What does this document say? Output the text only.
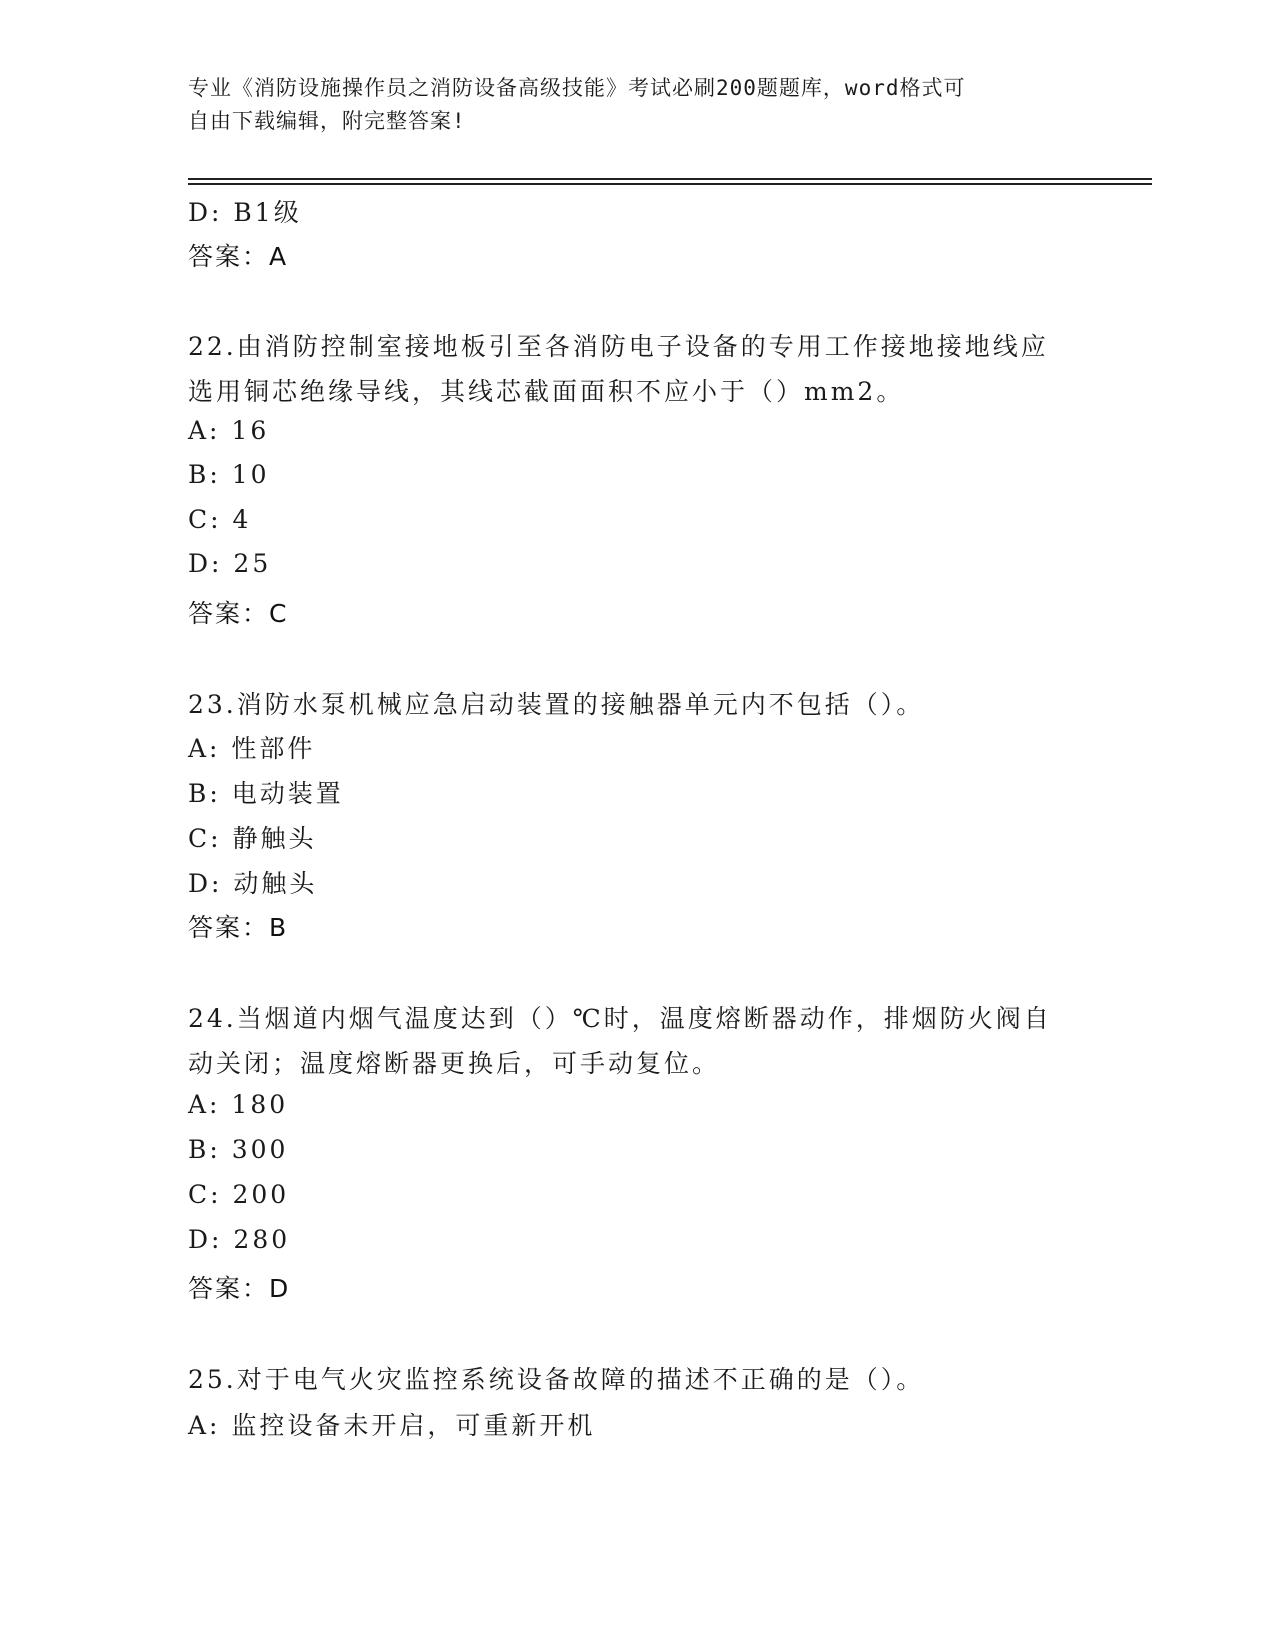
专业《消防设施操作员之消防设备高级技能》考试必刷200题题库，word格式可
自由下载编辑，附完整答案!
D: B1级
答案：A
22.由消防控制室接地板引至各消防电子设备的专用工作接地接地线应
选用铜芯绝缘导线，其线芯截面面积不应小于（）mm2。
A: 16
B: 10
C: 4
D: 25
答案：C
23.消防水泵机械应急启动装置的接触器单元内不包括（）。
A: 性部件
B: 电动装置
C: 静触头
D: 动触头
答案：B
24.当烟道内烟气温度达到（）℃时，温度熔断器动作，排烟防火阀自
动关闭；温度熔断器更换后，可手动复位。
A: 180
B: 300
C: 200
D: 280
答案：D
25.对于电气火灾监控系统设备故障的描述不正确的是（）。
A: 监控设备未开启，可重新开机
